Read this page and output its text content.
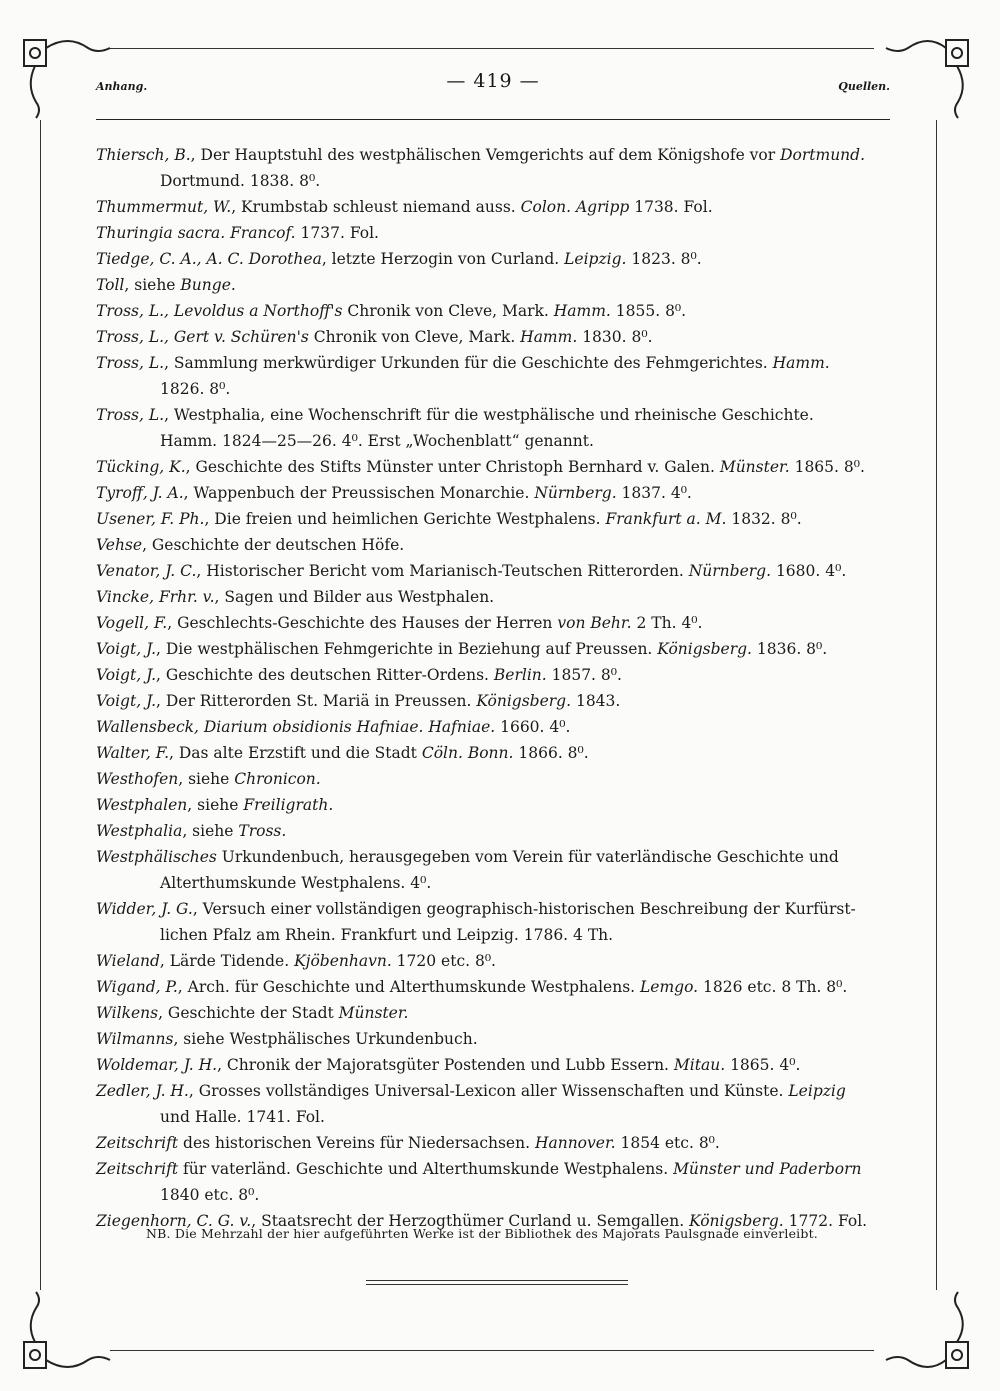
Anhang.	— 419 —	Quellen.
Thiersch, B., Der Hauptstuhl des westphälischen Vemgerichts auf dem Königshofe vor Dortmund.
Dortmund. 1838. 8⁰.
Thummermut, W., Krumbstab schleust niemand auss. Colon. Agripp 1738. Fol.
Thuringia sacra. Francof. 1737. Fol.
Tiedge, C. A., A. C. Dorothea, letzte Herzogin von Curland. Leipzig. 1823. 8⁰.
Toll, siehe Bunge.
Tross, L., Levoldus a Northoff's Chronik von Cleve, Mark. Hamm. 1855. 8⁰.
Tross, L., Gert v. Schüren's Chronik von Cleve, Mark. Hamm. 1830. 8⁰.
Tross, L., Sammlung merkwürdiger Urkunden für die Geschichte des Fehmgerichtes. Hamm.
1826. 8⁰.
Tross, L., Westphalia, eine Wochenschrift für die westphälische und rheinische Geschichte.
Hamm. 1824—25—26. 4⁰. Erst „Wochenblatt“ genannt.
Tücking, K., Geschichte des Stifts Münster unter Christoph Bernhard v. Galen. Münster. 1865. 8⁰.
Tyroff, J. A., Wappenbuch der Preussischen Monarchie. Nürnberg. 1837. 4⁰.
Usener, F. Ph., Die freien und heimlichen Gerichte Westphalens. Frankfurt a. M. 1832. 8⁰.
Vehse, Geschichte der deutschen Höfe.
Venator, J. C., Historischer Bericht vom Marianisch-Teutschen Ritterorden. Nürnberg. 1680. 4⁰.
Vincke, Frhr. v., Sagen und Bilder aus Westphalen.
Vogell, F., Geschlechts-Geschichte des Hauses der Herren von Behr. 2 Th. 4⁰.
Voigt, J., Die westphälischen Fehmgerichte in Beziehung auf Preussen. Königsberg. 1836. 8⁰.
Voigt, J., Geschichte des deutschen Ritter-Ordens. Berlin. 1857. 8⁰.
Voigt, J., Der Ritterorden St. Mariä in Preussen. Königsberg. 1843.
Wallensbeck, Diarium obsidionis Hafniae. Hafniae. 1660. 4⁰.
Walter, F., Das alte Erzstift und die Stadt Cöln. Bonn. 1866. 8⁰.
Westhofen, siehe Chronicon.
Westphalen, siehe Freiligrath.
Westphalia, siehe Tross.
Westphälisches Urkundenbuch, herausgegeben vom Verein für vaterländische Geschichte und
Alterthumskunde Westphalens. 4⁰.
Widder, J. G., Versuch einer vollständigen geographisch-historischen Beschreibung der Kurfürst-
lichen Pfalz am Rhein. Frankfurt und Leipzig. 1786. 4 Th.
Wieland, Lärde Tidende. Kjöbenhavn. 1720 etc. 8⁰.
Wigand, P., Arch. für Geschichte und Alterthumskunde Westphalens. Lemgo. 1826 etc. 8 Th. 8⁰.
Wilkens, Geschichte der Stadt Münster.
Wilmanns, siehe Westphälisches Urkundenbuch.
Woldemar, J. H., Chronik der Majoratsgüter Postenden und Lubb Essern. Mitau. 1865. 4⁰.
Zedler, J. H., Grosses vollständiges Universal-Lexicon aller Wissenschaften und Künste. Leipzig
und Halle. 1741. Fol.
Zeitschrift des historischen Vereins für Niedersachsen. Hannover. 1854 etc. 8⁰.
Zeitschrift für vaterländ. Geschichte und Alterthumskunde Westphalens. Münster und Paderborn
1840 etc. 8⁰.
Ziegenhorn, C. G. v., Staatsrecht der Herzogthümer Curland u. Semgallen. Königsberg. 1772. Fol.
NB. Die Mehrzahl der hier aufgeführten Werke ist der Bibliothek des Majorats Paulsgnade einverleibt.
